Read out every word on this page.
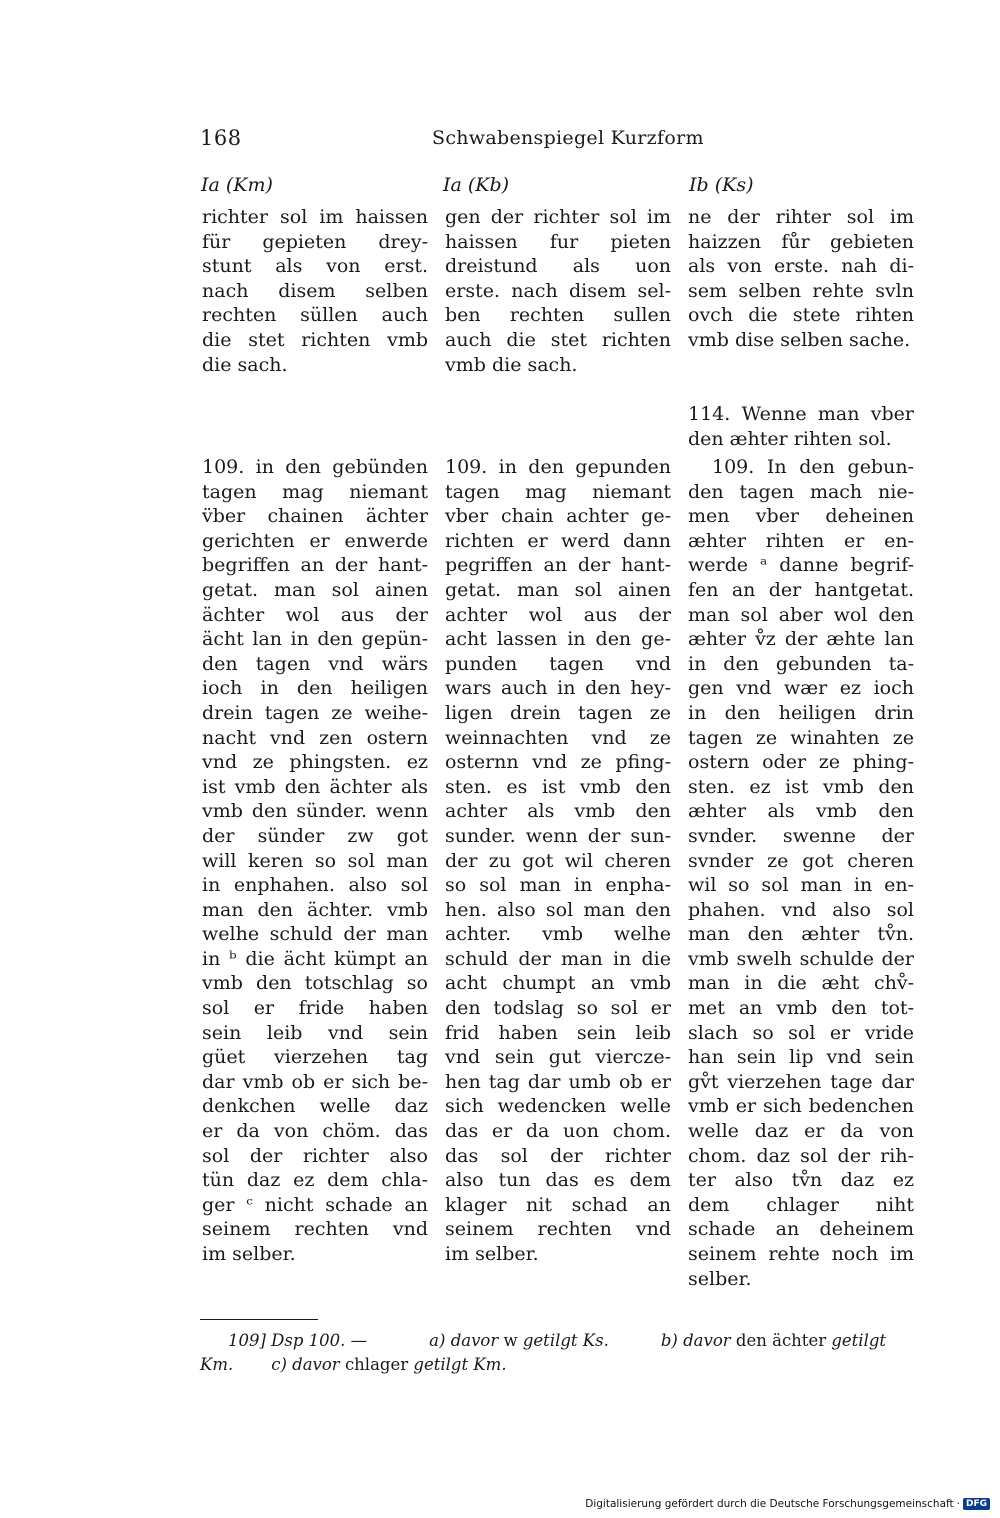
168	Schwabenspiegel Kurzform
Ia (Km)	Ia (Kb)	Ib (Ks)
richter sol im haissen
für gepieten drey-
stunt als von erst.
nach disem selben
rechten süllen auch
die stet richten vmb
die sach.
109. in den gebünden
tagen mag niemant
v̈ber chainen ächter
gerichten er enwerde
begriffen an der hant-
getat. man sol ainen
ächter wol aus der
ächt lan in den gepün-
den tagen vnd wärs
ioch in den heiligen
drein tagen ze weihe-
nacht vnd zen ostern
vnd ze phingsten. ez
ist vmb den ächter als
vmb den sünder. wenn
der sünder zw got
will keren so sol man
in enphahen. also sol
man den ächter. vmb
welhe schuld der man
in ᵇ die ächt kümpt an
vmb den totschlag so
sol er fride haben
sein leib vnd sein
güet vierzehen tag
dar vmb ob er sich be-
denkchen welle daz
er da von chöm. das
sol der richter also
tün daz ez dem chla-
ger ᶜ nicht schade an
seinem rechten vnd
im selber.
gen der richter sol im
haissen fur pieten
dreistund als uon
erste. nach disem sel-
ben rechten sullen
auch die stet richten
vmb die sach.
109. in den gepunden
tagen mag niemant
vber chain achter ge-
richten er werd dann
pegriffen an der hant-
getat. man sol ainen
achter wol aus der
acht lassen in den ge-
punden tagen vnd
wars auch in den hey-
ligen drein tagen ze
weinnachten vnd ze
osternn vnd ze pfing-
sten. es ist vmb den
achter als vmb den
sunder. wenn der sun-
der zu got wil cheren
so sol man in enpha-
hen. also sol man den
achter. vmb welhe
schuld der man in die
acht chumpt an vmb
den todslag so sol er
frid haben sein leib
vnd sein gut viercze-
hen tag dar umb ob er
sich wedencken welle
das er da uon chom.
das sol der richter
also tun das es dem
klager nit schad an
seinem rechten vnd
im selber.
ne der rihter sol im
haizzen fůr gebieten
als von erste. nah di-
sem selben rehte svln
ovch die stete rihten
vmb dise selben sache.
114. Wenne man vber
den æhter rihten sol.
109. In den gebun-
den tagen mach nie-
men vber deheinen
æhter rihten er en-
werde ᵃ danne begrif-
fen an der hantgetat.
man sol aber wol den
æhter v̊z der æhte lan
in den gebunden ta-
gen vnd wær ez ioch
in den heiligen drin
tagen ze winahten ze
ostern oder ze phing-
sten. ez ist vmb den
æhter als vmb den
svnder. swenne der
svnder ze got cheren
wil so sol man in en-
phahen. vnd also sol
man den æhter tv̊n.
vmb swelh schulde der
man in die æht chv̊-
met an vmb den tot-
slach so sol er vride
han sein lip vnd sein
gv̊t vierzehen tage dar
vmb er sich bedenchen
welle daz er da von
chom. daz sol der rih-
ter also tv̊n daz ez
dem chlager niht
schade an deheinem
seinem rehte noch im
selber.
109] Dsp 100. —	a) davor w getilgt Ks.	b) davor den ächter getilgt
Km. c) davor chlager getilgt Km.
Digitalisierung gefördert durch die Deutsche Forschungsgemeinschaft · DFG
